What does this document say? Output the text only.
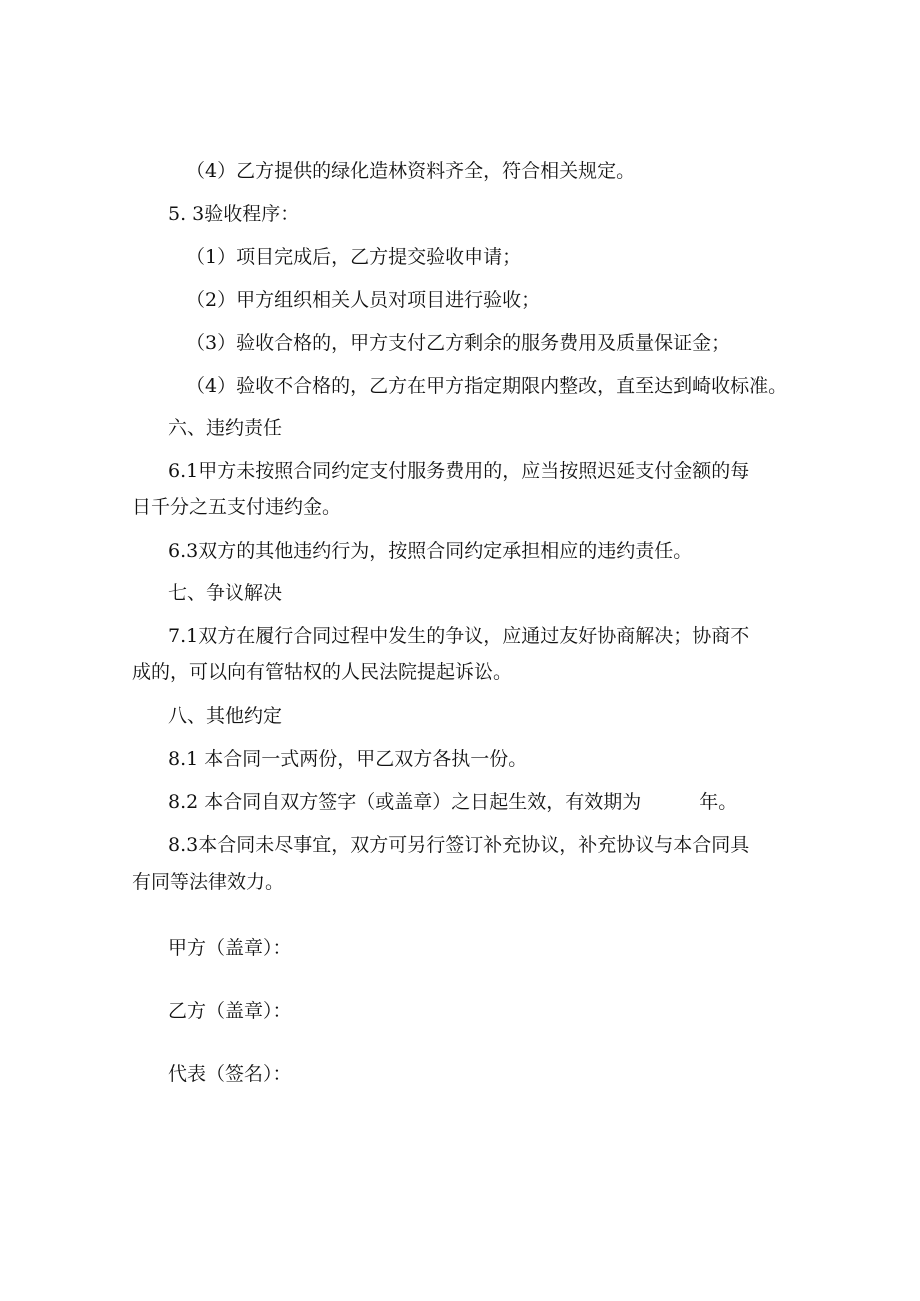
（4）乙方提供的绿化造林资料齐全，符合相关规定。
5. 3验收程序：
（1）项目完成后，乙方提交验收申请；
（2）甲方组织相关人员对项目进行验收；
（3）验收合格的，甲方支付乙方剩余的服务费用及质量保证金；
（4）验收不合格的，乙方在甲方指定期限内整改，直至达到崎收标准。
六、违约责任
6.1甲方未按照合同约定支付服务费用的，应当按照迟延支付金额的每
日千分之五支付违约金。
6.3双方的其他违约行为，按照合同约定承担相应的违约责任。
七、争议解决
7.1双方在履行合同过程中发生的争议，应通过友好协商解决；协商不
成的，可以向有管牯权的人民法院提起诉讼。
八、其他约定
8.1 本合同一式两份，甲乙双方各执一份。
8.2 本合同自双方签字（或盖章）之日起生效，有效期为	年。
8.3本合同未尽事宜，双方可另行签订补充协议，补充协议与本合同具
有同等法律效力。
甲方（盖章）：
乙方（盖章）：
代表（签名）：
